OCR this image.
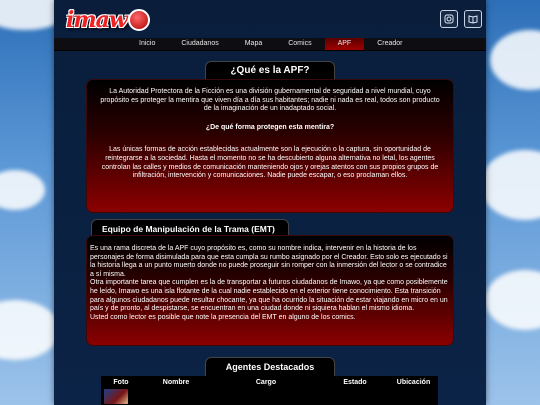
imaw
Inicio	Ciudadanos	Mapa	Comics	APF	Creador
¿Qué es la APF?

La Autoridad Protectora de la Ficción es una división gubernamental de seguridad a nivel mundial, cuyo propósito es proteger la mentira que viven día a día sus habitantes; nadie ni nada es real, todos son producto de la imaginación de un inadaptado social.

¿De qué forma protegen esta mentira?

Las únicas formas de acción establecidas actualmente son la ejecución o la captura, sin oportunidad de reintegrarse a la sociedad. Hasta el momento no se ha descubierto alguna alternativa no letal, los agentes controlan las calles y medios de comunicación manteniendo ojos y orejas atentos con sus propios grupos de infiltración, intervención y comunicaciones. Nadie puede escapar, o eso proclaman ellos.

Equipo de Manipulación de la Trama (EMT)

Es una rama discreta de la APF cuyo propósito es, como su nombre indica, intervenir en la historia de los personajes de forma disimulada para que esta cumpla su rumbo asignado por el Creador. Esto solo es ejecutado si la historia llega a un punto muerto donde no puede proseguir sin romper con la inmersión del lector o se contradice a sí misma.

Otra importante tarea que cumplen es la de transportar a futuros ciudadanos de Imawo, ya que como posiblemente he leído, Imawo es una isla flotante de la cual nadie establecido en el exterior tiene conocimiento. Esta transición para algunos ciudadanos puede resultar chocante, ya que ha ocurrido la situación de estar viajando en micro en un país y de pronto, al despistarse, se encuentran en una ciudad donde ni siquiera hablan el mismo idioma.

Usted como lector es posible que note la presencia del EMT en alguno de los comics.

Agentes Destacados
Foto	Nombre	Cargo	Estado	Ubicación
